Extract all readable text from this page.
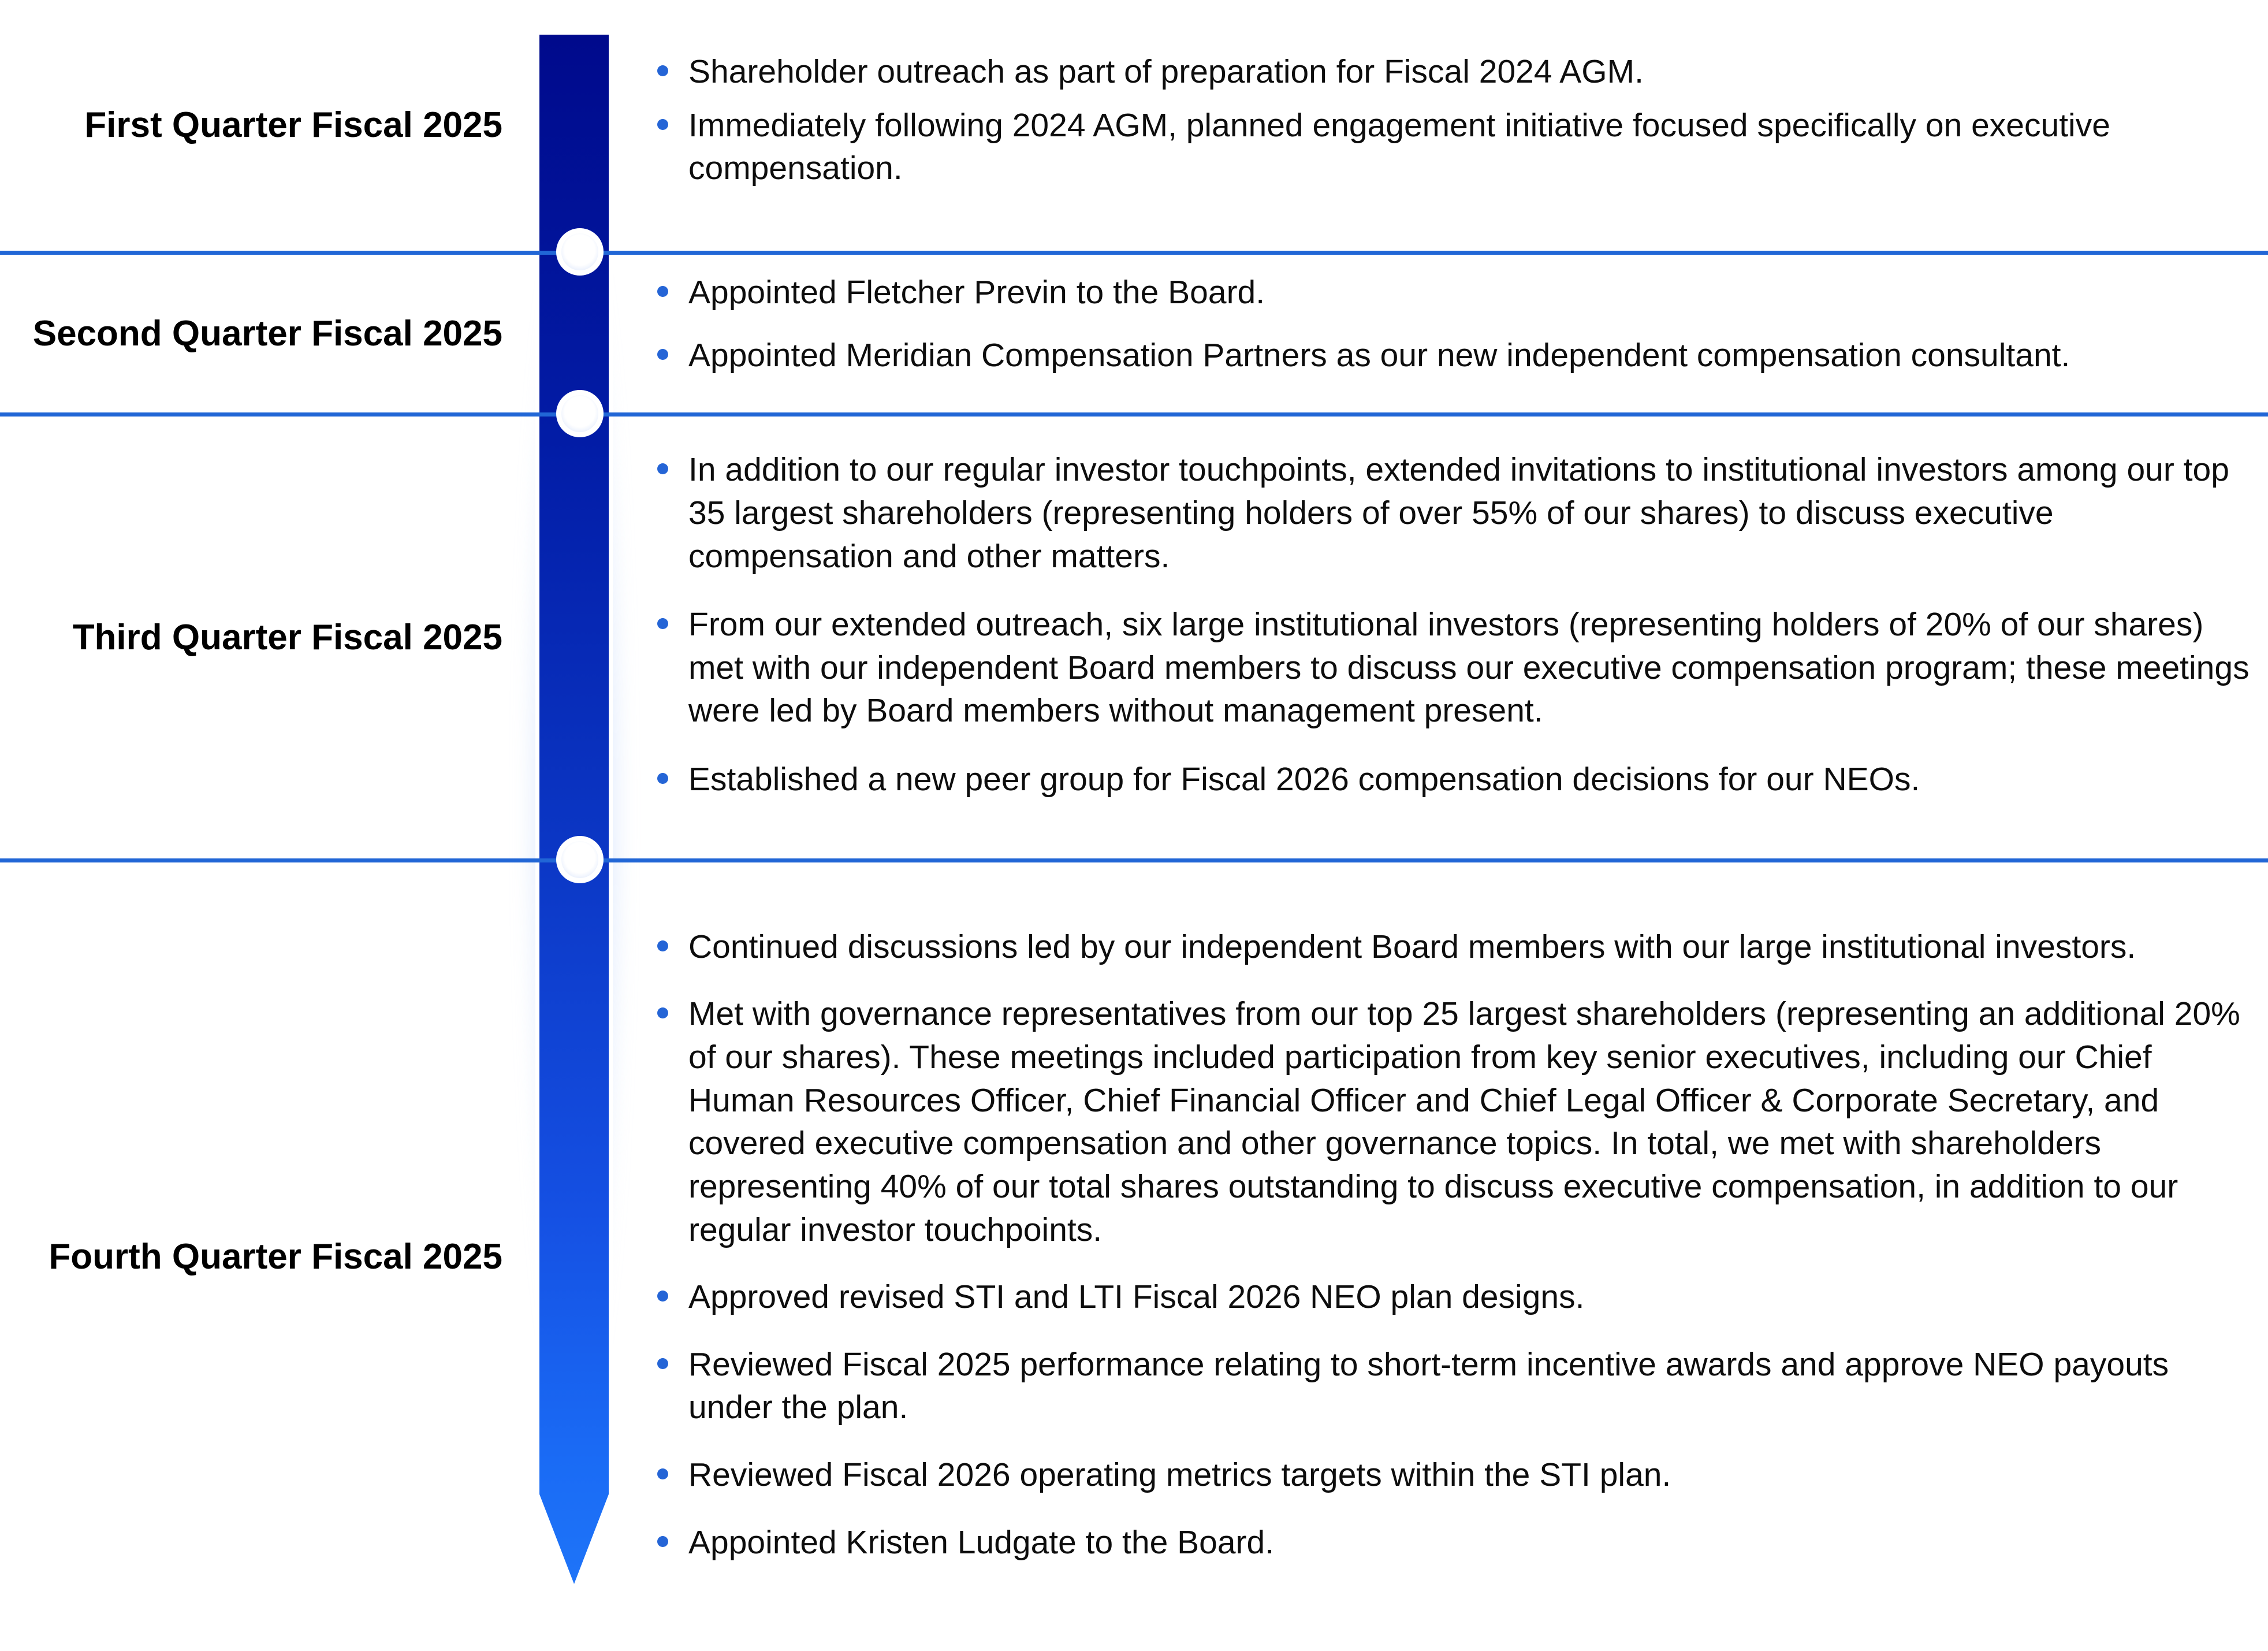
First Quarter Fiscal 2025
Shareholder outreach as part of preparation for Fiscal 2024 AGM.
Immediately following 2024 AGM, planned engagement initiative focused specifically on executive compensation.
Second Quarter Fiscal 2025
Appointed Fletcher Previn to the Board.
Appointed Meridian Compensation Partners as our new independent compensation consultant.
Third Quarter Fiscal 2025
In addition to our regular investor touchpoints, extended invitations to institutional investors among our top 35 largest shareholders (representing holders of over 55% of our shares) to discuss executive compensation and other matters.
From our extended outreach, six large institutional investors (representing holders of 20% of our shares) met with our independent Board members to discuss our executive compensation program; these meetings were led by Board members without management present.
Established a new peer group for Fiscal 2026 compensation decisions for our NEOs.
Fourth Quarter Fiscal 2025
Continued discussions led by our independent Board members with our large institutional investors.
Met with governance representatives from our top 25 largest shareholders (representing an additional 20% of our shares). These meetings included participation from key senior executives, including our Chief Human Resources Officer, Chief Financial Officer and Chief Legal Officer & Corporate Secretary, and covered executive compensation and other governance topics. In total, we met with shareholders representing 40% of our total shares outstanding to discuss executive compensation, in addition to our regular investor touchpoints.
Approved revised STI and LTI Fiscal 2026 NEO plan designs.
Reviewed Fiscal 2025 performance relating to short-term incentive awards and approve NEO payouts under the plan.
Reviewed Fiscal 2026 operating metrics targets within the STI plan.
Appointed Kristen Ludgate to the Board.
